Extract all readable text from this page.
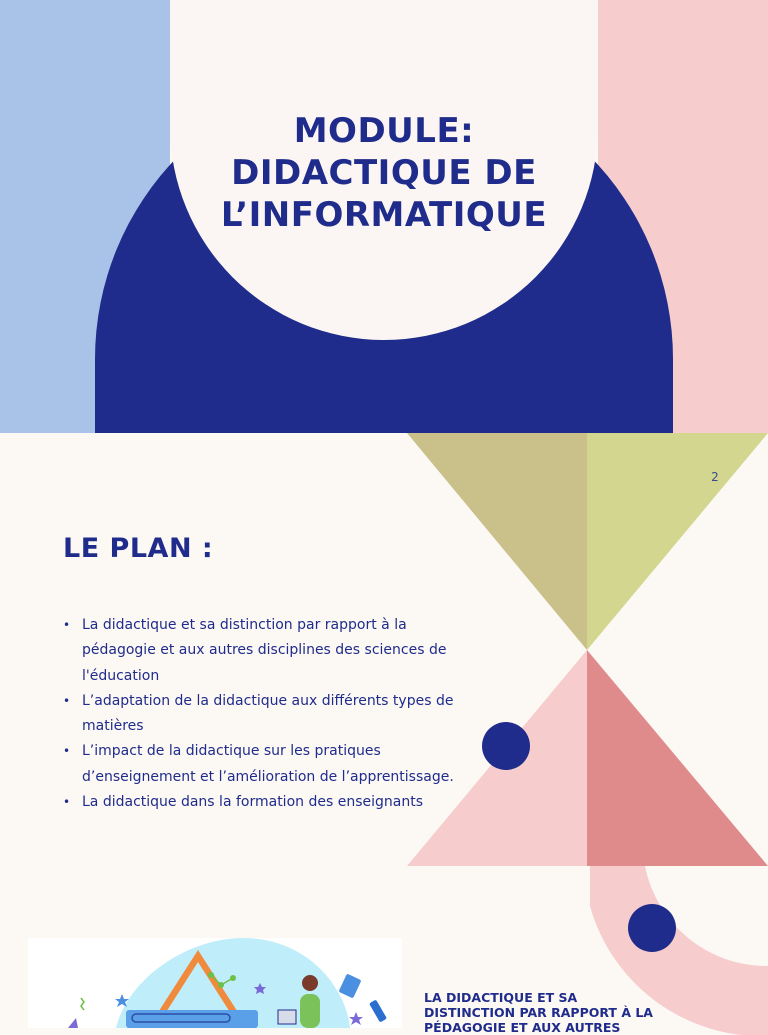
MODULE:
DIDACTIQUE DE
L’INFORMATIQUE
2
LE PLAN :
• La didactique et sa distinction par rapport à la pédagogie et aux autres disciplines des sciences de l'éducation
• L’adaptation de la didactique aux différents types de matières
• L’impact de la didactique sur les pratiques d’enseignement et l’amélioration de l’apprentissage.
• La didactique dans la formation des enseignants

LA DIDACTIQUE ET SA DISTINCTION PAR RAPPORT À LA PÉDAGOGIE ET AUX AUTRES
